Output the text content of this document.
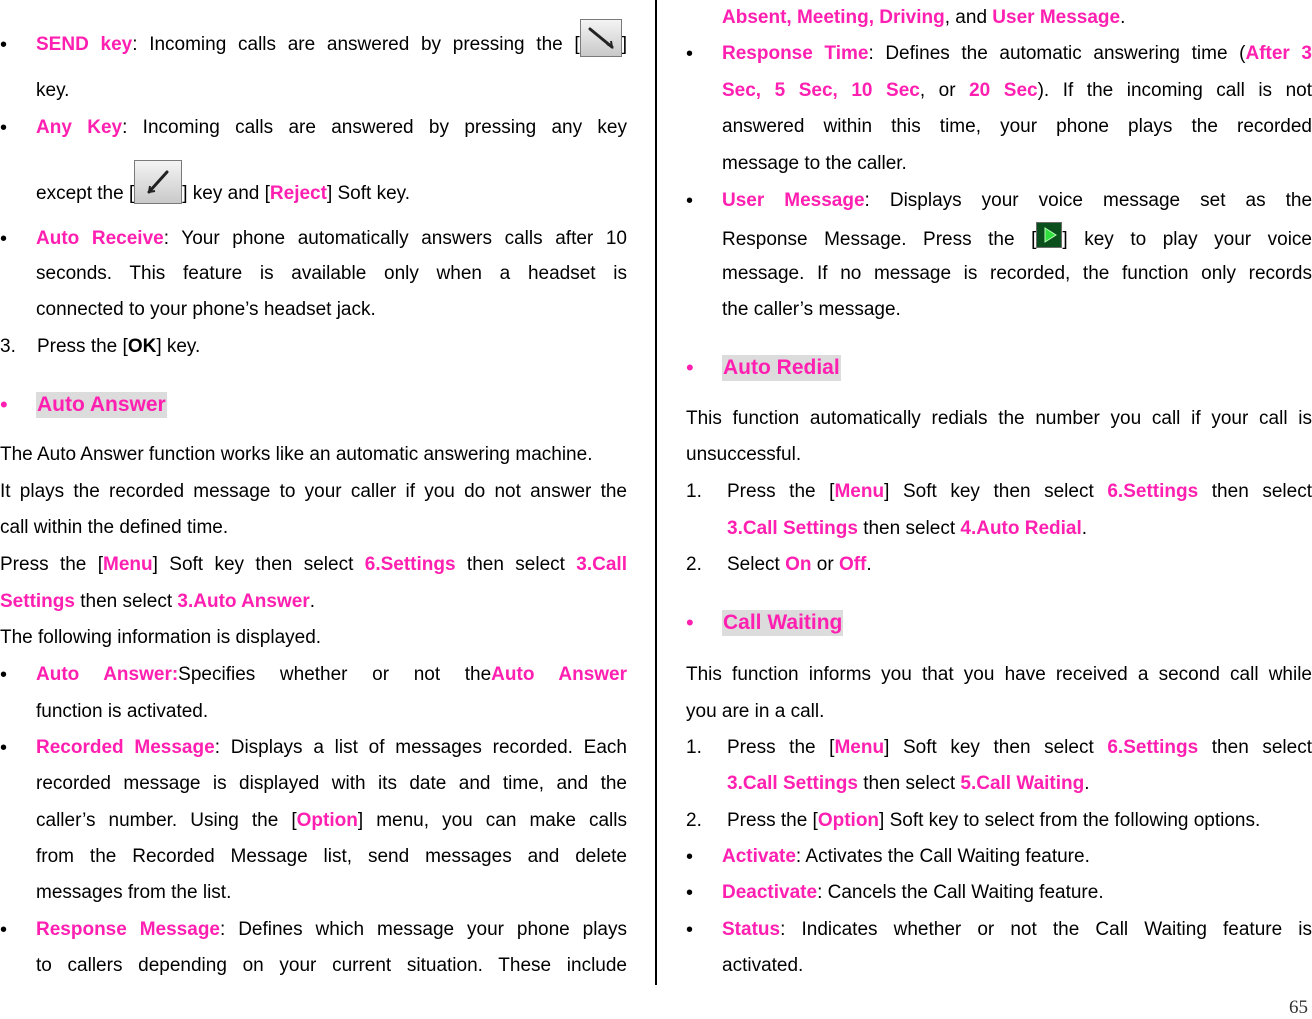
• SEND key: Incoming calls are answered by pressing the [ ]
key.
• Any Key: Incoming calls are answered by pressing any key
except the [	] key and [Reject] Soft key.
• Auto Receive: Your phone automatically answers calls after 10
seconds. This feature is available only when a headset is
connected to your phone’s headset jack.
3. Press the [OK] key.
• Auto Answer
The Auto Answer function works like an automatic answering machine.
It plays the recorded message to your caller if you do not answer the
call within the defined time.
Press the [Menu] Soft key then select 6.Settings then select 3.Call
Settings then select 3.Auto Answer.
The following information is displayed.
• Auto Answer:Specifies whether or not theAuto Answer
function is activated.
• Recorded Message: Displays a list of messages recorded. Each
recorded message is displayed with its date and time, and the
caller’s number. Using the [Option] menu, you can make calls
from the Recorded Message list, send messages and delete
messages from the list.
• Response Message: Defines which message your phone plays
to callers depending on your current situation. These include
Absent, Meeting, Driving, and User Message.
• Response Time: Defines the automatic answering time (After 3
Sec, 5 Sec, 10 Sec, or 20 Sec). If the incoming call is not
answered within this time, your phone plays the recorded
message to the caller.
• User Message: Displays your voice message set as the
Response Message. Press the [ ] key to play your voice
message. If no message is recorded, the function only records
the caller’s message.
• Auto Redial
This function automatically redials the number you call if your call is
unsuccessful.
1. Press the [Menu] Soft key then select 6.Settings then select
3.Call Settings then select 4.Auto Redial.
2. Select On or Off.
• Call Waiting
This function informs you that you have received a second call while
you are in a call.
1. Press the [Menu] Soft key then select 6.Settings then select
3.Call Settings then select 5.Call Waiting.
2. Press the [Option] Soft key to select from the following options.
• Activate: Activates the Call Waiting feature.
• Deactivate: Cancels the Call Waiting feature.
• Status: Indicates whether or not the Call Waiting feature is
activated.
65
